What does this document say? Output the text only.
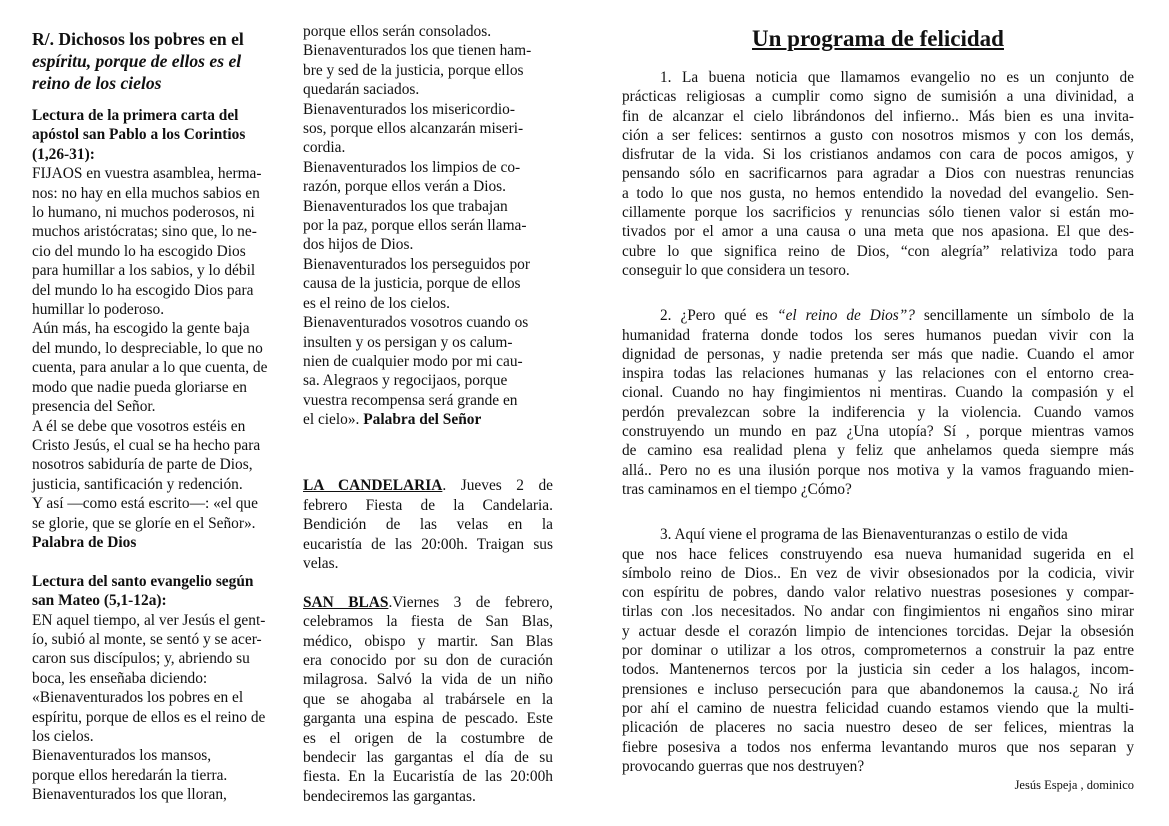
R/. Dichosos los pobres en el
espíritu, porque de ellos es el
reino de los cielos
Lectura de la primera carta del
apóstol san Pablo a los Corintios
(1,26-31):
FIJAOS en vuestra asamblea, herma-
nos: no hay en ella muchos sabios en
lo humano, ni muchos poderosos, ni
muchos aristócratas; sino que, lo ne-
cio del mundo lo ha escogido Dios
para humillar a los sabios, y lo débil
del mundo lo ha escogido Dios para
humillar lo poderoso.
Aún más, ha escogido la gente baja
del mundo, lo despreciable, lo que no
cuenta, para anular a lo que cuenta, de
modo que nadie pueda gloriarse en
presencia del Señor.
A él se debe que vosotros estéis en
Cristo Jesús, el cual se ha hecho para
nosotros sabiduría de parte de Dios,
justicia, santificación y redención.
Y así —como está escrito—: «el que
se glorie, que se gloríe en el Señor».
Palabra de Dios
Lectura del santo evangelio según
san Mateo (5,1-12a):
EN aquel tiempo, al ver Jesús el gent-
ío, subió al monte, se sentó y se acer-
caron sus discípulos; y, abriendo su
boca, les enseñaba diciendo:
«Bienaventurados los pobres en el
espíritu, porque de ellos es el reino de
los cielos.
Bienaventurados los mansos,
porque ellos heredarán la tierra.
Bienaventurados los que lloran,
porque ellos serán consolados.
Bienaventurados los que tienen ham-
bre y sed de la justicia, porque ellos
quedarán saciados.
Bienaventurados los misericordio-
sos, porque ellos alcanzarán miseri-
cordia.
Bienaventurados los limpios de co-
razón, porque ellos verán a Dios.
Bienaventurados los que trabajan
por la paz, porque ellos serán llama-
dos hijos de Dios.
Bienaventurados los perseguidos por
causa de la justicia, porque de ellos
es el reino de los cielos.
Bienaventurados vosotros cuando os
insulten y os persigan y os calum-
nien de cualquier modo por mi cau-
sa. Alegraos y regocijaos, porque
vuestra recompensa será grande en
el cielo». Palabra del Señor
LA CANDELARIA. Jueves 2 de
febrero Fiesta de la Candelaria.
Bendición de las velas en la
eucaristía de las 20:00h. Traigan sus
velas.
SAN BLAS.Viernes 3 de febrero,
celebramos la fiesta de San Blas,
médico, obispo y martir. San Blas
era conocido por su don de curación
milagrosa. Salvó la vida de un niño
que se ahogaba al trabársele en la
garganta una espina de pescado. Este
es el origen de la costumbre de
bendecir las gargantas el día de su
fiesta. En la Eucaristía de las 20:00h
bendeciremos las gargantas.
Un programa de felicidad
1. La buena noticia que llamamos evangelio no es un conjunto de
prácticas religiosas a cumplir como signo de sumisión a una divinidad, a
fin de alcanzar el cielo librándonos del infierno.. Más bien es una invita-
ción a ser felices: sentirnos a gusto con nosotros mismos y con los demás,
disfrutar de la vida. Si los cristianos andamos con cara de pocos amigos, y
pensando sólo en sacrificarnos para agradar a Dios con nuestras renuncias
a todo lo que nos gusta, no hemos entendido la novedad del evangelio. Sen-
cillamente porque los sacrificios y renuncias sólo tienen valor si están mo-
tivados por el amor a una causa o una meta que nos apasiona. El que des-
cubre lo que significa reino de Dios, “con alegría” relativiza todo para
conseguir lo que considera un tesoro.
2. ¿Pero qué es “el reino de Dios”? sencillamente un símbolo de la
humanidad fraterna donde todos los seres humanos puedan vivir con la
dignidad de personas, y nadie pretenda ser más que nadie. Cuando el amor
inspira todas las relaciones humanas y las relaciones con el entorno crea-
cional. Cuando no hay fingimientos ni mentiras. Cuando la compasión y el
perdón prevalezcan sobre la indiferencia y la violencia. Cuando vamos
construyendo un mundo en paz ¿Una utopía? Sí , porque mientras vamos
de camino esa realidad plena y feliz que anhelamos queda siempre más
allá.. Pero no es una ilusión porque nos motiva y la vamos fraguando mien-
tras caminamos en el tiempo ¿Cómo?
3. Aquí viene el programa de las Bienaventuranzas o estilo de vida
que nos hace felices construyendo esa nueva humanidad sugerida en el
símbolo reino de Dios.. En vez de vivir obsesionados por la codicia, vivir
con espíritu de pobres, dando valor relativo nuestras posesiones y compar-
tirlas con .los necesitados. No andar con fingimientos ni engaños sino mirar
y actuar desde el corazón limpio de intenciones torcidas. Dejar la obsesión
por dominar o utilizar a los otros, comprometernos a construir la paz entre
todos. Mantenernos tercos por la justicia sin ceder a los halagos, incom-
prensiones e incluso persecución para que abandonemos la causa.¿ No irá
por ahí el camino de nuestra felicidad cuando estamos viendo que la multi-
plicación de placeres no sacia nuestro deseo de ser felices, mientras la
fiebre posesiva a todos nos enferma levantando muros que nos separan y
provocando guerras que nos destruyen?
Jesús Espeja , dominico
